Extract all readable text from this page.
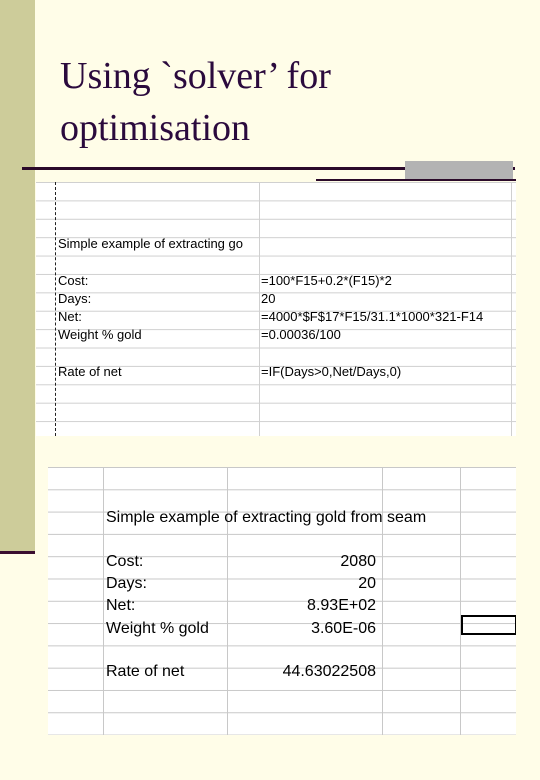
Using `solver’ for
optimisation
Simple example of extracting go
Cost:	=100*F15+0.2*(F15)*2
Days:	20
Net:	=4000*$F$17*F15/31.1*1000*321-F14
Weight % gold	=0.00036/100
Rate of net	=IF(Days>0,Net/Days,0)
Simple example of extracting gold from seam
Cost:	2080
Days:	20
Net:	8.93E+02
Weight % gold	3.60E-06
Rate of net	44.63022508
